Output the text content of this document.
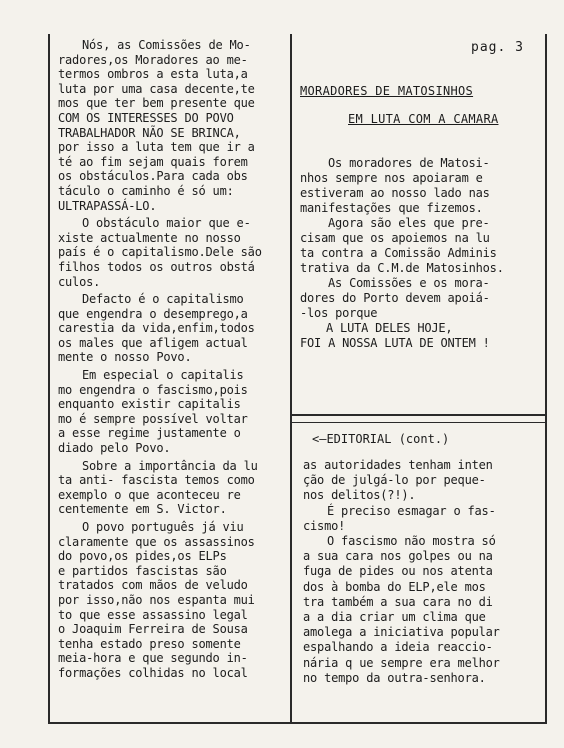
pag. 3

Nós, as Comissões de Mo-
radores,os Moradores ao me-
termos ombros a esta luta,a
luta por uma casa decente,te
mos que ter bem presente que
COM OS INTERESSES DO POVO
TRABALHADOR NÃO SE BRINCA,
por isso a luta tem que ir a
té ao fim sejam quais forem
os obstáculos.Para cada obs
táculo o caminho é só um:
ULTRAPASSÁ-LO.

O obstáculo maior que e-
xiste actualmente no nosso
país é o capitalismo.Dele são
filhos todos os outros obstá
culos.

Defacto é o capitalismo
que engendra o desemprego,a
carestia da vida,enfim,todos
os males que afligem actual
mente o nosso Povo.

Em especial o capitalis
mo engendra o fascismo,pois
enquanto existir capitalis
mo é sempre possível voltar
a esse regime justamente o
diado pelo Povo.

Sobre a importância da lu
ta anti- fascista temos como
exemplo o que aconteceu re
centemente em S. Victor.

O povo português já viu
claramente que os assassinos
do povo,os pides,os ELPs
e partidos fascistas são
tratados com mãos de veludo
por isso,não nos espanta mui
to que esse assassino legal
o Joaquim Ferreira de Sousa
tenha estado preso somente
meia-hora e que segundo in-
formações colhidas no local

MORADORES DE MATOSINHOS
EM LUTA COM A CAMARA
Os moradores de Matosi-
nhos sempre nos apoiaram e
estiveram ao nosso lado nas
manifestações que fizemos.
Agora são eles que pre-
cisam que os apoiemos na lu
ta contra a Comissão Adminis
trativa da C.M.de Matosinhos.
As Comissões e os mora-
dores do Porto devem apoiá-
-los porque
A LUTA DELES HOJE,
FOI A NOSSA LUTA DE ONTEM !
<—EDITORIAL (cont.)
as autoridades tenham inten
ção de julgá-lo por peque-
nos delitos(?!).
É preciso esmagar o fas-
cismo!
O fascismo não mostra só
a sua cara nos golpes ou na
fuga de pides ou nos atenta
dos à bomba do ELP,ele mos
tra também a sua cara no di
a a dia criar um clima que
amolega a iniciativa popular
espalhando a ideia reaccio-
nária q ue sempre era melhor
no tempo da outra-senhora.
